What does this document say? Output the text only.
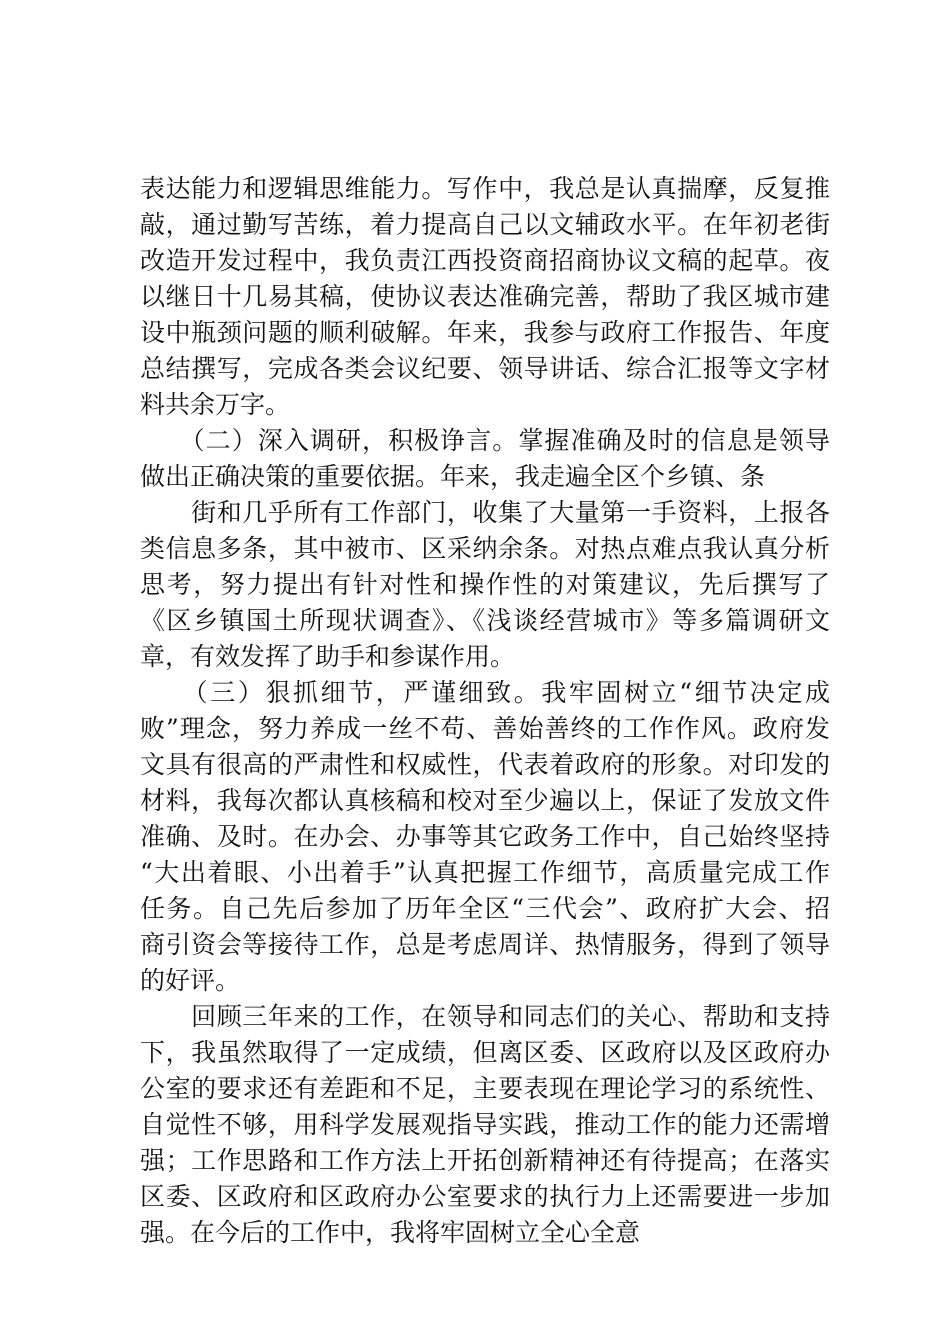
表达能力和逻辑思维能力。写作中，我总是认真揣摩，反复推
敲，通过勤写苦练，着力提高自己以文辅政水平。在年初老街
改造开发过程中，我负责江西投资商招商协议文稿的起草。夜
以继日十几易其稿，使协议表达准确完善，帮助了我区城市建
设中瓶颈问题的顺利破解。年来，我参与政府工作报告、年度
总结撰写，完成各类会议纪要、领导讲话、综合汇报等文字材
料共余万字。
　　（二）深入调研，积极诤言。掌握准确及时的信息是领导
做出正确决策的重要依据。年来，我走遍全区个乡镇、条
　　街和几乎所有工作部门，收集了大量第一手资料，上报各
类信息多条，其中被市、区采纳余条。对热点难点我认真分析
思考，努力提出有针对性和操作性的对策建议，先后撰写了
《区乡镇国土所现状调查》、《浅谈经营城市》等多篇调研文
章，有效发挥了助手和参谋作用。
　　（三）狠抓细节，严谨细致。我牢固树立“细节决定成
败”理念，努力养成一丝不苟、善始善终的工作作风。政府发
文具有很高的严肃性和权威性，代表着政府的形象。对印发的
材料，我每次都认真核稿和校对至少遍以上，保证了发放文件
准确、及时。在办会、办事等其它政务工作中，自己始终坚持
“大出着眼、小出着手”认真把握工作细节，高质量完成工作
任务。自己先后参加了历年全区“三代会”、政府扩大会、招
商引资会等接待工作，总是考虑周详、热情服务，得到了领导
的好评。
　　回顾三年来的工作，在领导和同志们的关心、帮助和支持
下，我虽然取得了一定成绩，但离区委、区政府以及区政府办
公室的要求还有差距和不足，主要表现在理论学习的系统性、
自觉性不够，用科学发展观指导实践，推动工作的能力还需增
强；工作思路和工作方法上开拓创新精神还有待提高；在落实
区委、区政府和区政府办公室要求的执行力上还需要进一步加
强。在今后的工作中，我将牢固树立全心全意
